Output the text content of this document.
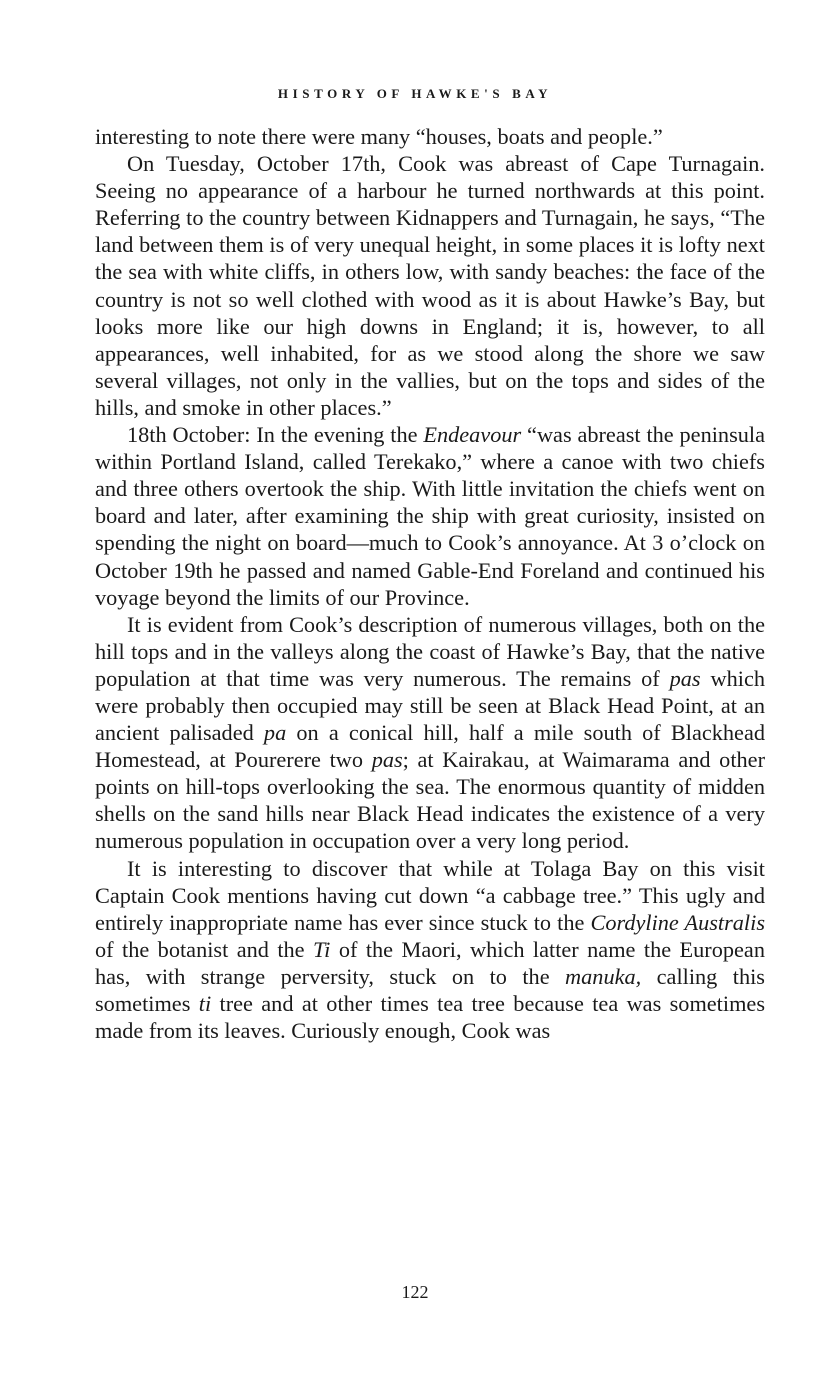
HISTORY OF HAWKE'S BAY

interesting to note there were many “houses, boats and people.”

On Tuesday, October 17th, Cook was abreast of Cape Turnagain. Seeing no appearance of a harbour he turned northwards at this point. Referring to the country between Kidnappers and Turnagain, he says, “The land between them is of very unequal height, in some places it is lofty next the sea with white cliffs, in others low, with sandy beaches: the face of the country is not so well clothed with wood as it is about Hawke’s Bay, but looks more like our high downs in England; it is, however, to all appearances, well inhabited, for as we stood along the shore we saw several villages, not only in the vallies, but on the tops and sides of the hills, and smoke in other places.”

18th October: In the evening the Endeavour “was abreast the peninsula within Portland Island, called Terekako,” where a canoe with two chiefs and three others overtook the ship. With little invitation the chiefs went on board and later, after examining the ship with great curiosity, insisted on spending the night on board—much to Cook’s annoyance. At 3 o’clock on October 19th he passed and named Gable-End Foreland and continued his voyage beyond the limits of our Province.

It is evident from Cook’s description of numerous villages, both on the hill tops and in the valleys along the coast of Hawke’s Bay, that the native population at that time was very numerous. The remains of pas which were probably then occupied may still be seen at Black Head Point, at an ancient palisaded pa on a conical hill, half a mile south of Blackhead Homestead, at Pourerere two pas; at Kairakau, at Waimarama and other points on hill-tops overlooking the sea. The enormous quantity of midden shells on the sand hills near Black Head indicates the existence of a very numerous population in occupation over a very long period.

It is interesting to discover that while at Tolaga Bay on this visit Captain Cook mentions having cut down “a cabbage tree.” This ugly and entirely inappropriate name has ever since stuck to the Cordyline Australis of the botanist and the Ti of the Maori, which latter name the European has, with strange perversity, stuck on to the manuka, calling this sometimes ti tree and at other times tea tree because tea was sometimes made from its leaves. Curiously enough, Cook was

122
